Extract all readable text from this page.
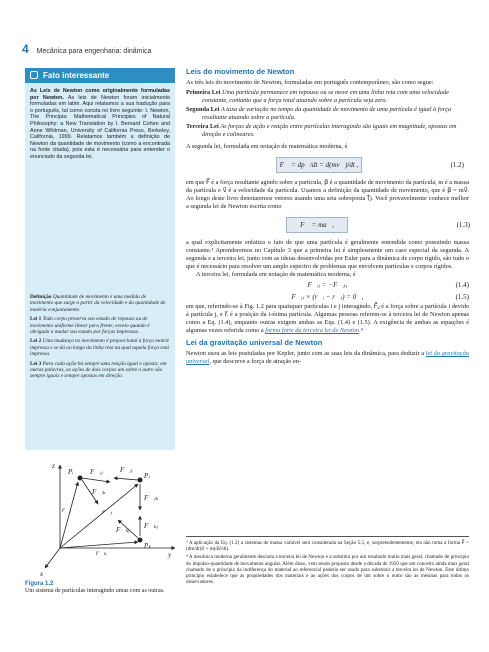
4 Mecânica para engenharia: dinâmica
Fato interessante
As Leis de Newton como originalmente formuladas por Newton. As leis de Newton foram inicialmente formuladas em latim. Aqui relatamos a sua tradução para o português, tal como consta no livro seguinte: I. Newton, The Principia: Mathematical Principles of Natural Philosophy: a New Translation by I. Bernard Cohen and Anne Whitman, University of California Press, Berkeley, California, 1999. Relatamos também a definição de Newton da quantidade de movimento (como a encontrada na fonte citada), pois esta é necessária para entender o enunciado da segunda lei.

Definição Quantidade de movimento é uma medida de movimento que surge a partir da velocidade e da quantidade de matéria conjuntamente.

Lei 1 Todo corpo preserva seu estado de repouso ou de movimento uniforme linear para frente, exceto quando é obrigado a mudar seu estado por forças impressas.

Lei 2 Uma mudança no movimento é proporcional à força motriz impressa e se dá ao longo da linha reta na qual aquela força está impressa.

Lei 3 Para cada ação há sempre uma reação igual e oposta; em outras palavras, as ações de dois corpos um sobre o outro são sempre iguais e sempre opostas em direção.

z
y
x
Pᵢ	Pⱼ
Pₖ
F⃗ᵢⱼ F⃗ⱼᵢ
F⃗ᵢₖ
F⃗ₖᵢ
F⃗ⱼₖ
F⃗ₖⱼ
r⃗ᵢ	r⃗ⱼ
r⃗ₖ
Figura 1.2
Um sistema de partículas interagindo umas com as outras.
Leis do movimento de Newton

As três leis do movimento de Newton, formuladas em português contemporâneo, são como segue:

Primeira Lei Uma partícula permanece em repouso ou se move em uma linha reta com uma velocidade constante, contanto que a força total atuando sobre a partícula seja zero.

Segunda Lei A taxa de variação no tempo da quantidade de movimento de uma partícula é igual à força resultante atuando sobre a partícula.

Terceira Lei As forças de ação e reação entre partículas interagindo são iguais em magnitude, opostas em direção e colineares.

A segunda lei, formulada em notação de matemática moderna, é

F⃗ = dp⃗/dt = d(mv⃗)/dt ,	(1.2)

em que F⃗ é a força resultante agindo sobre a partícula, p⃗ é a quantidade de movimento da partícula, m é a massa da partícula e v⃗ é a velocidade da partícula. Usamos a definição da quantidade de movimento, que é p⃗ = mv⃗. Ao longo deste livro denotaremos vetores usando uma seta sobreposta (⃗). Você provavelmente conhece melhor a segunda lei de Newton escrita como

F⃗ = ma⃗,	(1.3)

a qual explicitamente enfatiza o fato de que uma partícula é geralmente entendida como possuindo massa constante.³ Aprenderemos no Capítulo 3 que a primeira lei é simplesmente um caso especial da segunda. A segunda e a terceira lei, junto com as ideias desenvolvidas por Euler para a dinâmica de corpo rígido, são tudo o que é necessário para resolver um amplo espectro de problemas que envolvem partículas e corpos rígidos.

A terceira lei, formulada em notação de matemática moderna, é

F⃗ᵢⱼ = −F⃗ⱼᵢ,	(1.4)
F⃗ᵢⱼ × (r⃗ᵢ − r⃗ⱼ) = 0⃗,	(1.5)

em que, referindo-se à Fig. 1.2 para quaisquer partículas i e j interagindo, F⃗ᵢⱼ é a força sobre a partícula i devido à partícula j, e r⃗ᵢ é a posição da i-ésima partícula. Algumas pessoas referem-se à terceira lei de Newton apenas como a Eq. (1.4), enquanto outras exigem ambas as Eqs. (1.4) e (1.5). A exigência de ambas as equações é algumas vezes referida como a forma forte da terceira lei de Newton.⁴

Lei da gravitação universal de Newton

Newton usou as leis postuladas por Kepler, junto com as suas leis da dinâmica, para deduzir a lei da gravitação universal, que descreve a força de atração en-

³ A aplicação da Eq. (1.2) a sistemas de massa variável será considerada na Seção 5.5, e, surpreendentemente, ela não toma a forma F⃗ = (dm/dt)v⃗ + m(dv⃗/dt).

⁴ A mecânica moderna geralmente descarta a terceira lei de Newton e a substitui por um resultado muito mais geral, chamado de princípio do impulso-quantidade de movimento angular. Além disso, vem sendo proposto desde a década de 1950 que um conceito ainda mais geral chamado de o princípio da indiferença do material ao referencial poderia ser usado para substituir a terceira lei de Newton. Este último princípio estabelece que as propriedades dos materiais e as ações dos corpos de um sobre o outro são as mesmas para todos os observadores.
